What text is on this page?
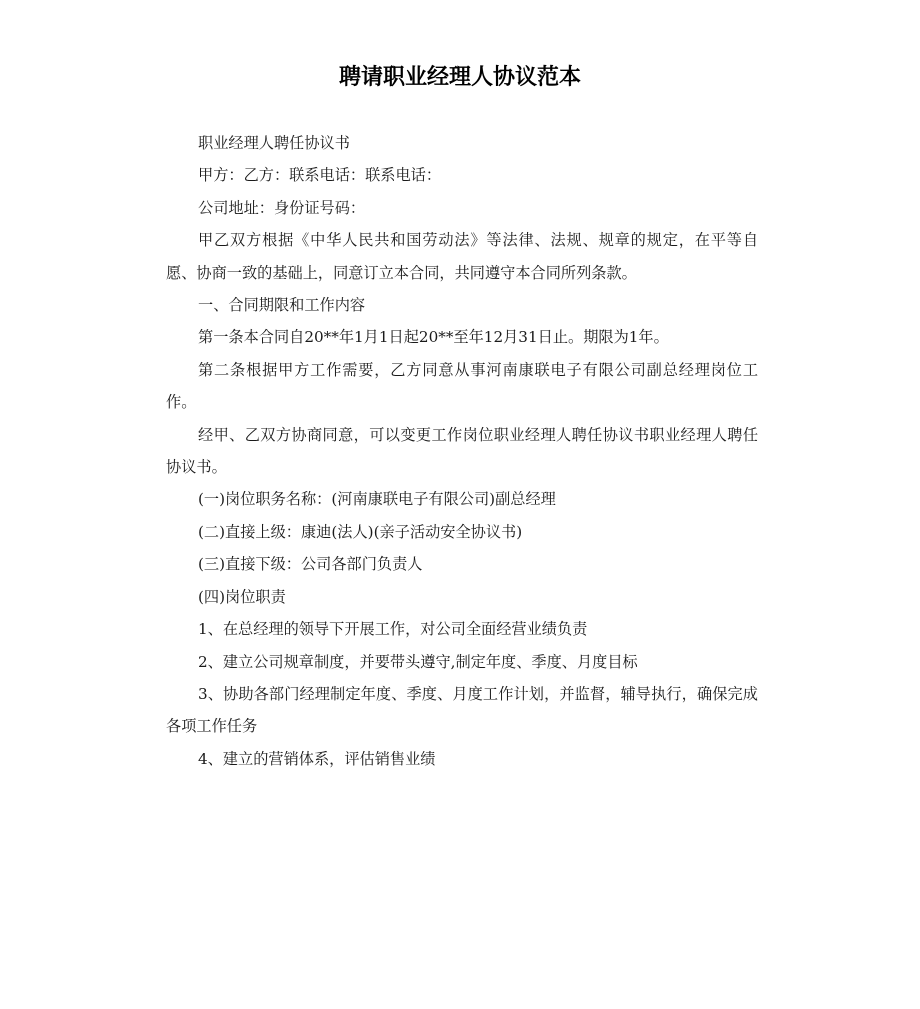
聘请职业经理人协议范本

职业经理人聘任协议书

甲方：乙方：联系电话：联系电话：

公司地址：身份证号码：

甲乙双方根据《中华人民共和国劳动法》等法律、法规、规章的规定，在平等自愿、协商一致的基础上，同意订立本合同，共同遵守本合同所列条款。

一、合同期限和工作内容

第一条本合同自20**年1月1日起20**至年12月31日止。期限为1年。

第二条根据甲方工作需要，乙方同意从事河南康联电子有限公司副总经理岗位工作。

经甲、乙双方协商同意，可以变更工作岗位职业经理人聘任协议书职业经理人聘任协议书。

(一)岗位职务名称：(河南康联电子有限公司)副总经理

(二)直接上级：康迪(法人)(亲子活动安全协议书)

(三)直接下级：公司各部门负责人

(四)岗位职责

1、在总经理的领导下开展工作，对公司全面经营业绩负责

2、建立公司规章制度，并要带头遵守,制定年度、季度、月度目标

3、协助各部门经理制定年度、季度、月度工作计划，并监督，辅导执行，确保完成各项工作任务

4、建立的营销体系，评估销售业绩
